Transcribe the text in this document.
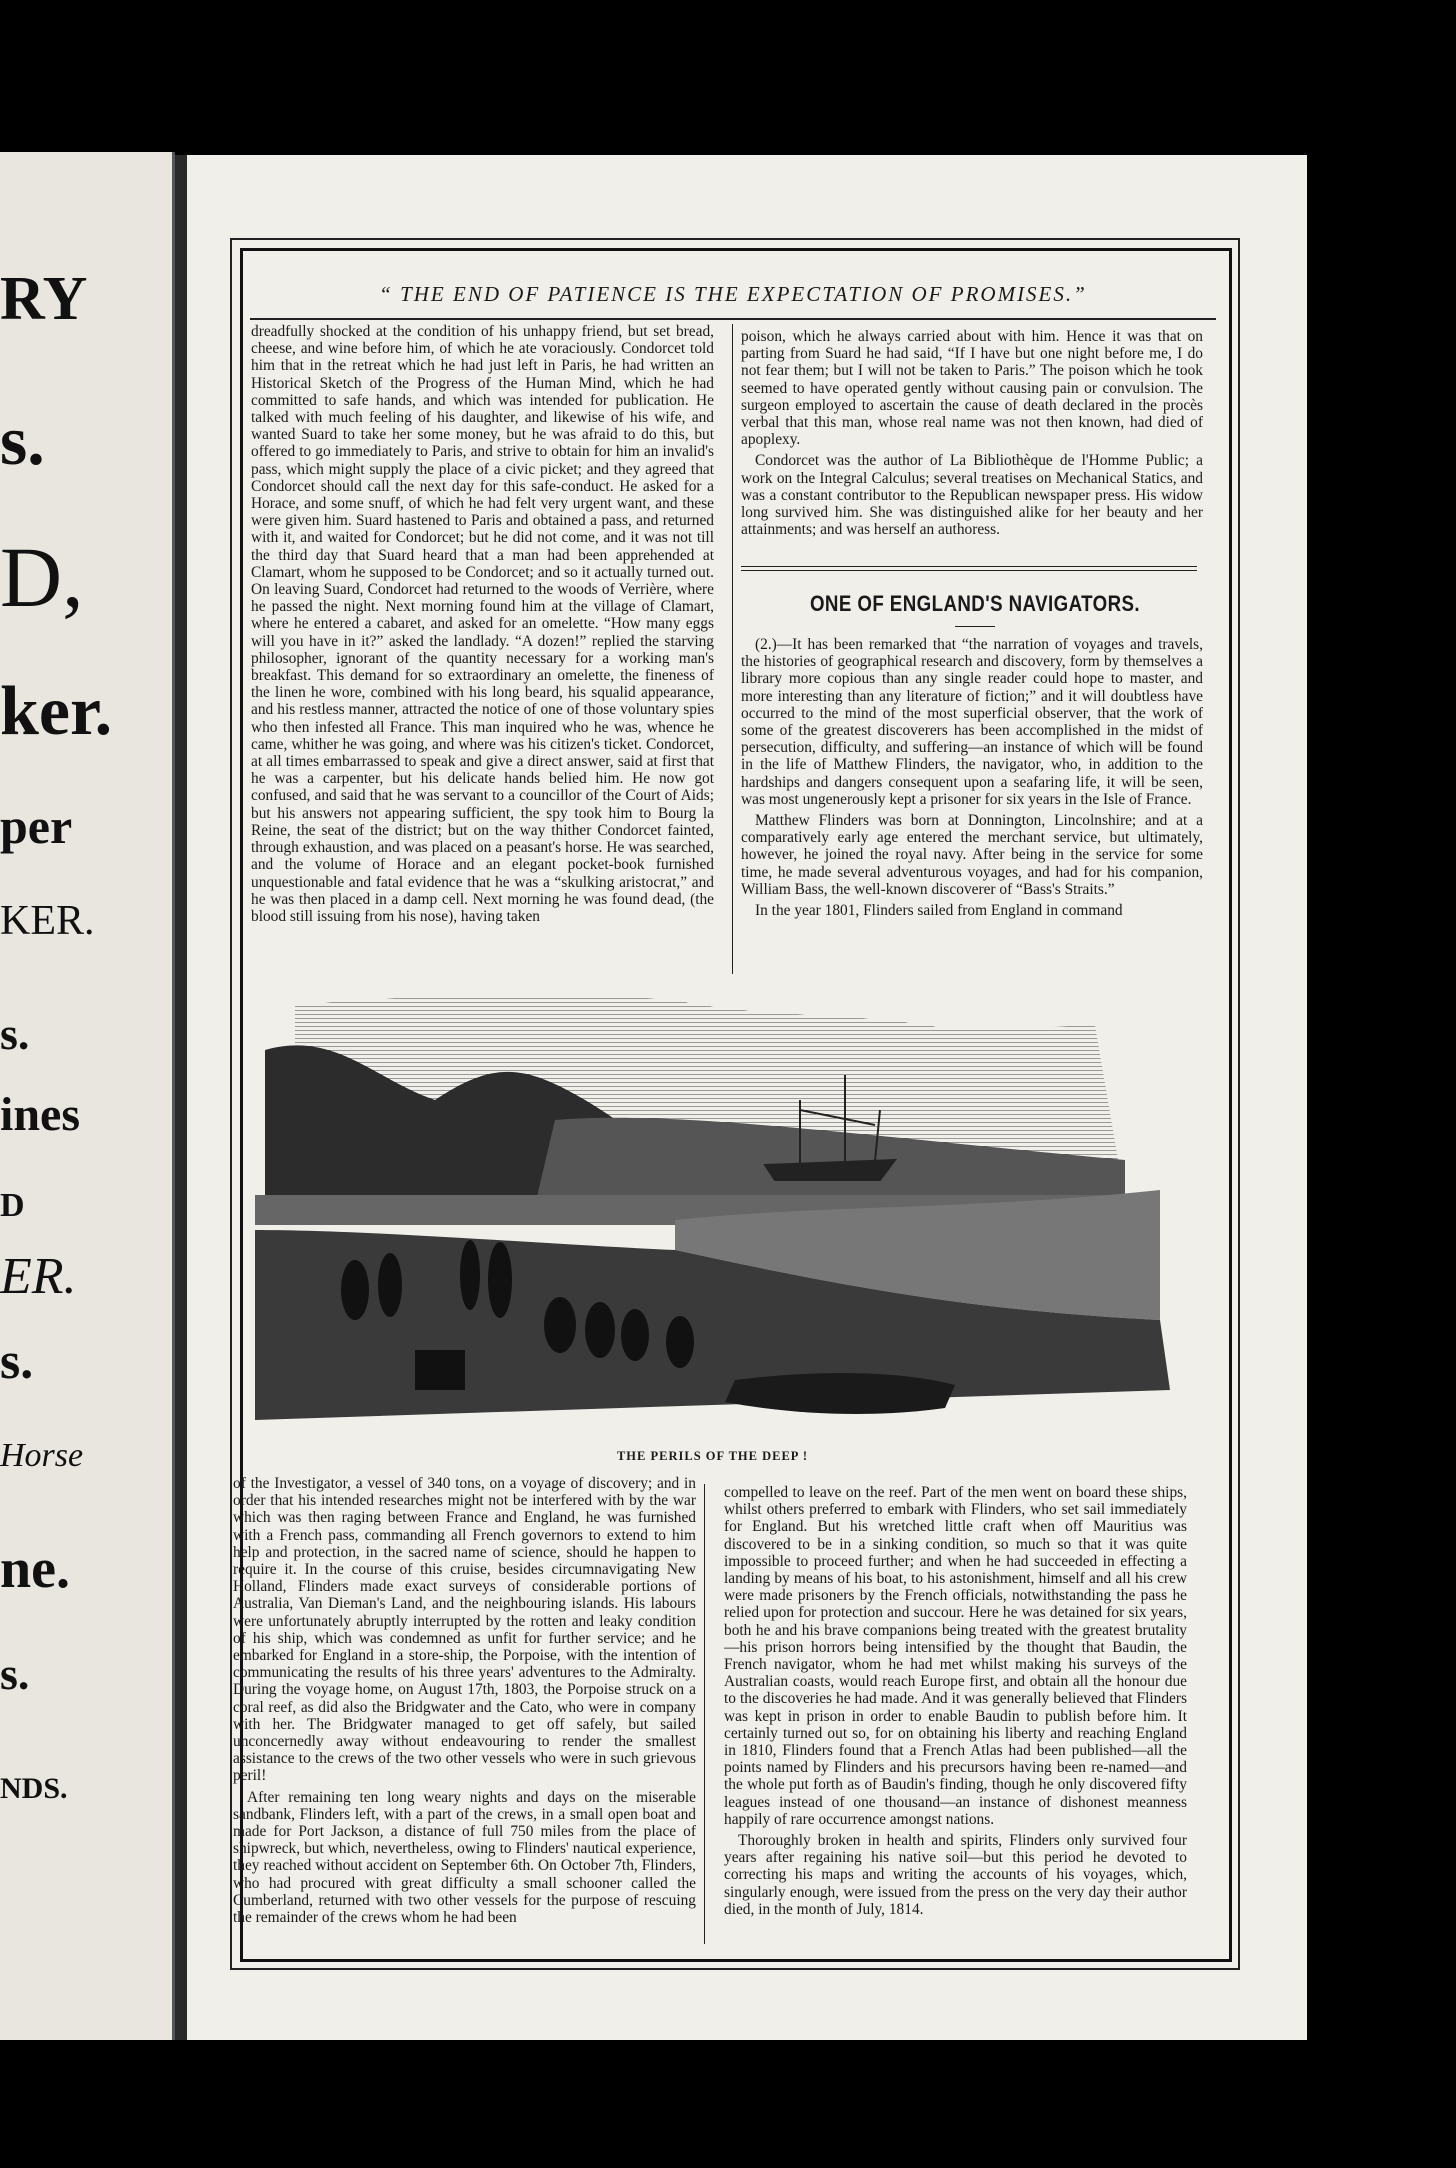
RY
s.
D,
ker.
per
KER.
s.
ines
D
ER.
s.
Horse
ne.
s.
NDS.
“ THE END OF PATIENCE IS THE EXPECTATION OF PROMISES.”

dreadfully shocked at the condition of his unhappy friend, but set bread, cheese, and wine before him, of which he ate voraciously. Condorcet told him that in the retreat which he had just left in Paris, he had written an Historical Sketch of the Progress of the Human Mind, which he had committed to safe hands, and which was intended for publication. He talked with much feeling of his daughter, and likewise of his wife, and wanted Suard to take her some money, but he was afraid to do this, but offered to go immediately to Paris, and strive to obtain for him an invalid's pass, which might supply the place of a civic picket; and they agreed that Condorcet should call the next day for this safe-conduct. He asked for a Horace, and some snuff, of which he had felt very urgent want, and these were given him. Suard hastened to Paris and obtained a pass, and returned with it, and waited for Condorcet; but he did not come, and it was not till the third day that Suard heard that a man had been apprehended at Clamart, whom he supposed to be Condorcet; and so it actually turned out. On leaving Suard, Condorcet had returned to the woods of Verrière, where he passed the night. Next morning found him at the village of Clamart, where he entered a cabaret, and asked for an omelette. “How many eggs will you have in it?” asked the landlady. “A dozen!” replied the starving philosopher, ignorant of the quantity necessary for a working man's breakfast. This demand for so extraordinary an omelette, the fineness of the linen he wore, combined with his long beard, his squalid appearance, and his restless manner, attracted the notice of one of those voluntary spies who then infested all France. This man inquired who he was, whence he came, whither he was going, and where was his citizen's ticket. Condorcet, at all times embarrassed to speak and give a direct answer, said at first that he was a carpenter, but his delicate hands belied him. He now got confused, and said that he was servant to a councillor of the Court of Aids; but his answers not appearing sufficient, the spy took him to Bourg la Reine, the seat of the district; but on the way thither Condorcet fainted, through exhaustion, and was placed on a peasant's horse. He was searched, and the volume of Horace and an elegant pocket-book furnished unquestionable and fatal evidence that he was a “skulking aristocrat,” and he was then placed in a damp cell. Next morning he was found dead, (the blood still issuing from his nose), having taken

poison, which he always carried about with him. Hence it was that on parting from Suard he had said, “If I have but one night before me, I do not fear them; but I will not be taken to Paris.” The poison which he took seemed to have operated gently without causing pain or convulsion. The surgeon employed to ascertain the cause of death declared in the procès verbal that this man, whose real name was not then known, had died of apoplexy.

Condorcet was the author of La Bibliothèque de l'Homme Public; a work on the Integral Calculus; several treatises on Mechanical Statics, and was a constant contributor to the Republican newspaper press. His widow long survived him. She was distinguished alike for her beauty and her attainments; and was herself an authoress.

ONE OF ENGLAND'S NAVIGATORS.

(2.)—It has been remarked that “the narration of voyages and travels, the histories of geographical research and discovery, form by themselves a library more copious than any single reader could hope to master, and more interesting than any literature of fiction;” and it will doubtless have occurred to the mind of the most superficial observer, that the work of some of the greatest discoverers has been accomplished in the midst of persecution, difficulty, and suffering—an instance of which will be found in the life of Matthew Flinders, the navigator, who, in addition to the hardships and dangers consequent upon a seafaring life, it will be seen, was most ungenerously kept a prisoner for six years in the Isle of France.

Matthew Flinders was born at Donnington, Lincolnshire; and at a comparatively early age entered the merchant service, but ultimately, however, he joined the royal navy. After being in the service for some time, he made several adventurous voyages, and had for his companion, William Bass, the well-known discoverer of “Bass's Straits.”

In the year 1801, Flinders sailed from England in command

THE PERILS OF THE DEEP !

of the Investigator, a vessel of 340 tons, on a voyage of discovery; and in order that his intended researches might not be interfered with by the war which was then raging between France and England, he was furnished with a French pass, commanding all French governors to extend to him help and protection, in the sacred name of science, should he happen to require it. In the course of this cruise, besides circumnavigating New Holland, Flinders made exact surveys of considerable portions of Australia, Van Dieman's Land, and the neighbouring islands. His labours were unfortunately abruptly interrupted by the rotten and leaky condition of his ship, which was condemned as unfit for further service; and he embarked for England in a store-ship, the Porpoise, with the intention of communicating the results of his three years' adventures to the Admiralty. During the voyage home, on August 17th, 1803, the Porpoise struck on a coral reef, as did also the Bridgwater and the Cato, who were in company with her. The Bridgwater managed to get off safely, but sailed unconcernedly away without endeavouring to render the smallest assistance to the crews of the two other vessels who were in such grievous peril!

After remaining ten long weary nights and days on the miserable sandbank, Flinders left, with a part of the crews, in a small open boat and made for Port Jackson, a distance of full 750 miles from the place of shipwreck, but which, nevertheless, owing to Flinders' nautical experience, they reached without accident on September 6th. On October 7th, Flinders, who had procured with great difficulty a small schooner called the Cumberland, returned with two other vessels for the purpose of rescuing the remainder of the crews whom he had been

compelled to leave on the reef. Part of the men went on board these ships, whilst others preferred to embark with Flinders, who set sail immediately for England. But his wretched little craft when off Mauritius was discovered to be in a sinking condition, so much so that it was quite impossible to proceed further; and when he had succeeded in effecting a landing by means of his boat, to his astonishment, himself and all his crew were made prisoners by the French officials, notwithstanding the pass he relied upon for protection and succour. Here he was detained for six years, both he and his brave companions being treated with the greatest brutality—his prison horrors being intensified by the thought that Baudin, the French navigator, whom he had met whilst making his surveys of the Australian coasts, would reach Europe first, and obtain all the honour due to the discoveries he had made. And it was generally believed that Flinders was kept in prison in order to enable Baudin to publish before him. It certainly turned out so, for on obtaining his liberty and reaching England in 1810, Flinders found that a French Atlas had been published—all the points named by Flinders and his precursors having been re-named—and the whole put forth as of Baudin's finding, though he only discovered fifty leagues instead of one thousand—an instance of dishonest meanness happily of rare occurrence amongst nations.

Thoroughly broken in health and spirits, Flinders only survived four years after regaining his native soil—but this period he devoted to correcting his maps and writing the accounts of his voyages, which, singularly enough, were issued from the press on the very day their author died, in the month of July, 1814.
